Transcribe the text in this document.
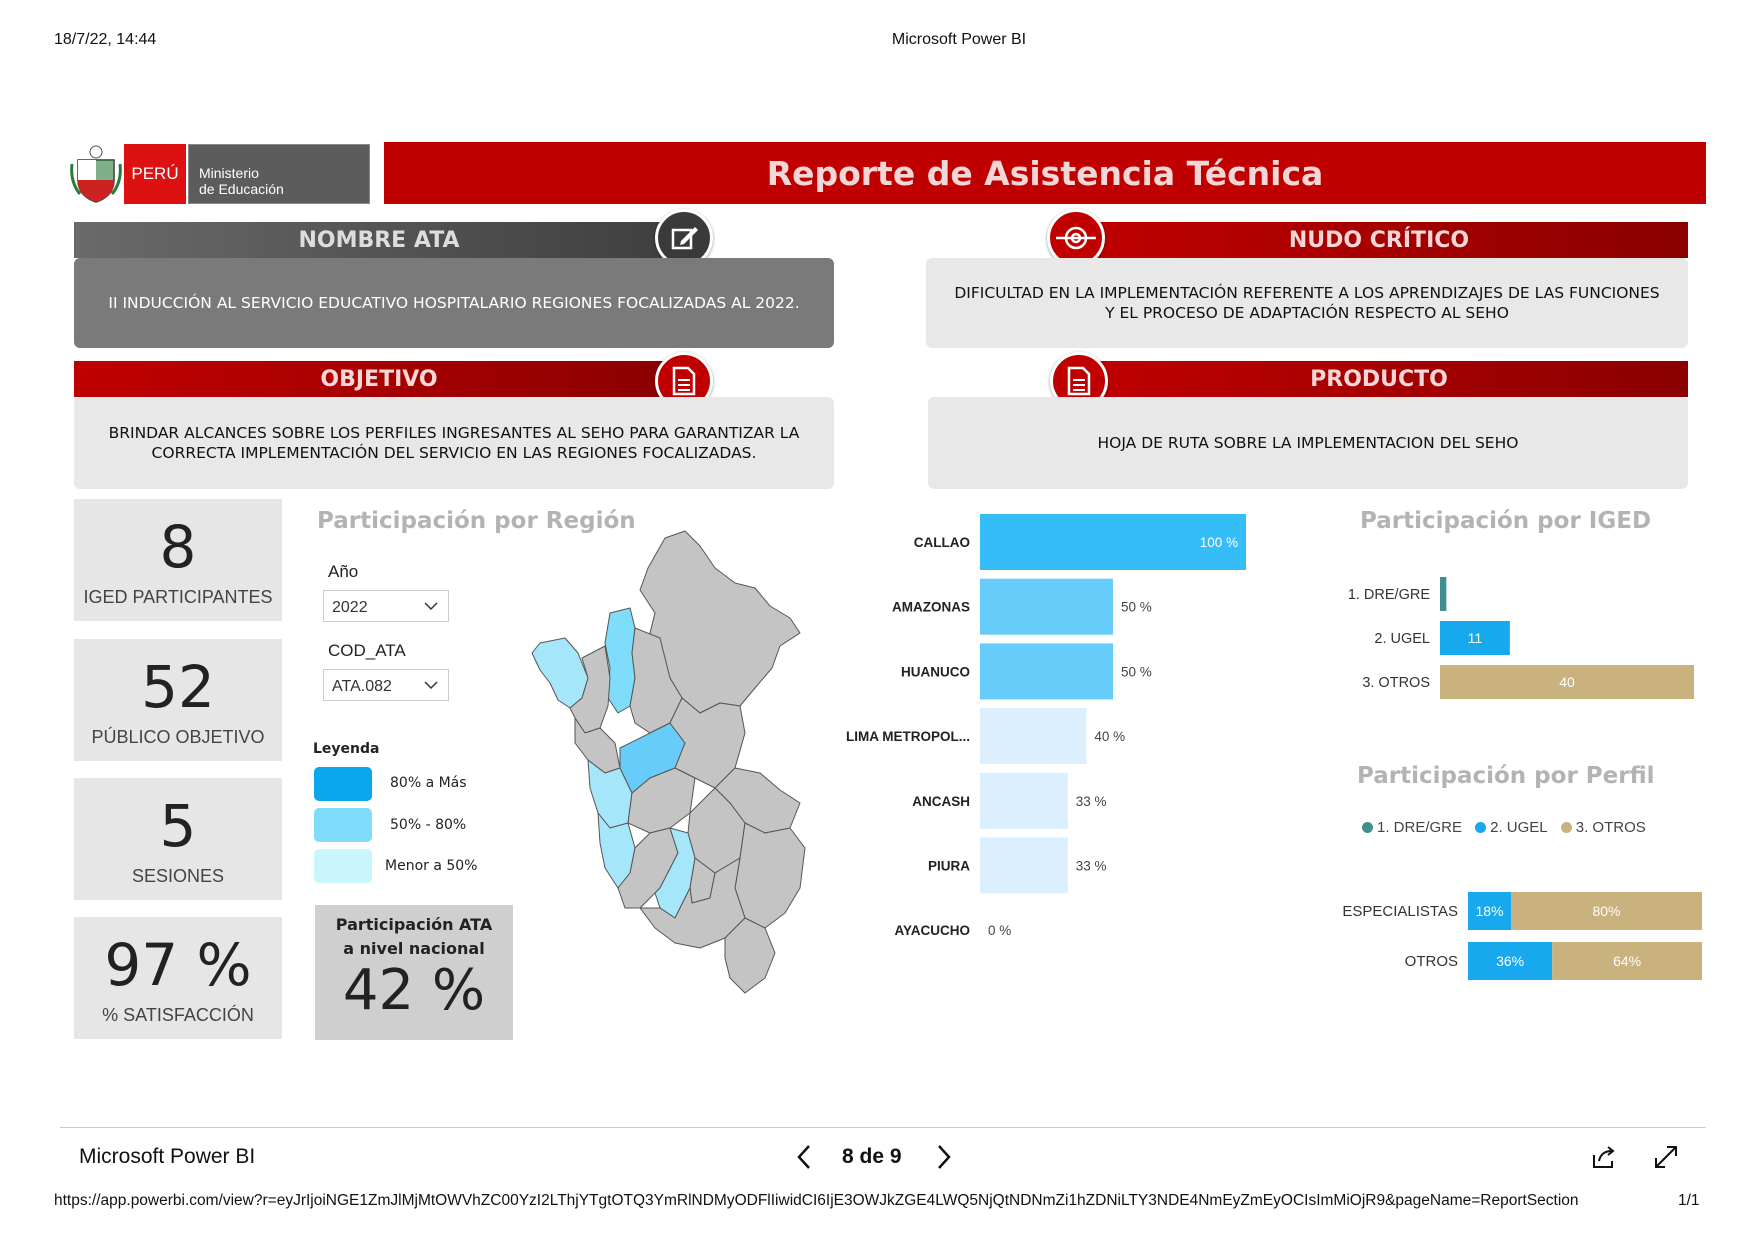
18/7/22, 14:44	Microsoft Power BI
PERÚ	Ministerio
de Educación	Reporte de Asistencia Técnica
NOMBRE ATA
II INDUCCIÓN AL SERVICIO EDUCATIVO HOSPITALARIO REGIONES FOCALIZADAS AL 2022.
NUDO CRÍTICO
DIFICULTAD EN LA IMPLEMENTACIÓN REFERENTE A LOS APRENDIZAJES DE LAS FUNCIONES Y EL PROCESO DE ADAPTACIÓN RESPECTO AL SEHO
OBJETIVO
BRINDAR ALCANCES SOBRE LOS PERFILES INGRESANTES AL SEHO PARA GARANTIZAR LA CORRECTA IMPLEMENTACIÓN DEL SERVICIO EN LAS REGIONES FOCALIZADAS.
PRODUCTO
HOJA DE RUTA SOBRE LA IMPLEMENTACION DEL SEHO
8
IGED PARTICIPANTES
52
PÚBLICO OBJETIVO
5
SESIONES
97 %
% SATISFACCIÓN
Participación por Región
Año
2022
COD_ATA
ATA.082
Leyenda
80% a Más
50% - 80%
Menor a 50%
Participación ATA
a nivel nacional
42 %
CALLAO	100 %
AMAZONAS	50 %
HUANUCO	50 %
LIMA METROPOL...	40 %
ANCASH	33 %
PIURA	33 %
AYACUCHO 0 %
Participación por IGED
1. DRE/GRE
2. UGEL	11
3. OTROS	40
Participación por Perfil
1. DRE/GRE 2. UGEL 3. OTROS
ESPECIALISTAS 18%	80%
OTROS	36%	64%
Microsoft Power BI	8 de 9
https://app.powerbi.com/view?r=eyJrIjoiNGE1ZmJlMjMtOWVhZC00YzI2LThjYTgtOTQ3YmRlNDMyODFlIiwidCI6IjE3OWJkZGE4LWQ5NjQtNDNmZi1hZDNiLTY3NDE4NmEyZmEyOCIsImMiOjR9&pageName=ReportSection	1/1
